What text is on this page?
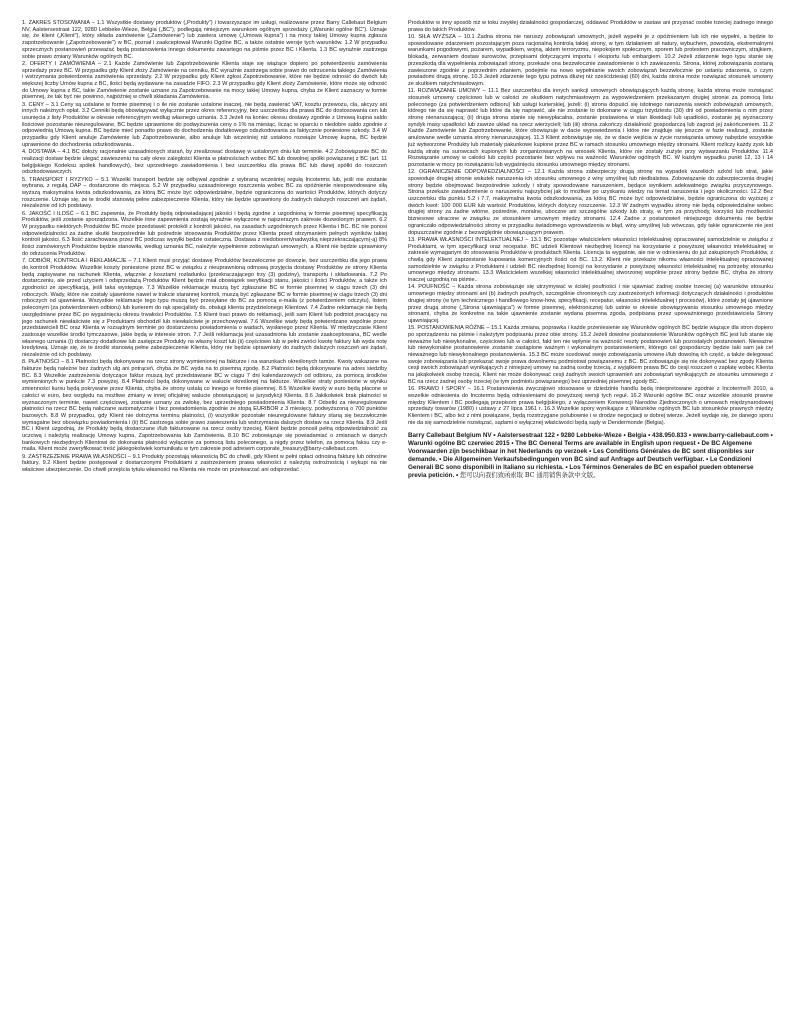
1. ZAKRES STOSOWANIA – 1.1 Wszystkie dostawy produktów („Produkty”) i towarzyszące im usługi, realizowane przez Barry Callebaut Belgium NV, Aalstersestraat 122, 9280 Lebbeke-Wieze, Belgia („BC”), podlegają niniejszym warunkom ogólnym sprzedaży („Warunki ogólne BC”). Uznaje się, że klient („Klient”), który składa zamówienie („Zamówienie”) lub zawiera umowę („Umowa kupna”) i na mocy takiej Umowy kupna zgłasza zapotrzebowanie („Zapotrzebowanie”) w BC, poznał i zaakceptował Warunki Ogólne BC, a także ostatnie wersje tych warunków. 1.2 W przypadku sprzecznych postanowień przeważać będą postanowienia innego dokumentu zawartego na piśmie przez BC i Klienta. 1.3 BC wyraźnie zastrzega sobie prawo zmiany Warunków ogólnych BC.

2. OFERTY I ZAMÓWIENIA – 2.1 Każde Zamówienie lub Zapotrzebowanie Klienta staje się wiążące dopiero po potwierdzeniu zamówienia sprzedaży przez BC. W przypadku gdy Klient złoży Zamówienie na cenniku, BC wyraźnie zastrzega sobie prawo do odrzucenia takiego Zamówienia i wstrzymania potwierdzenia zamówienia sprzedaży. 2.2 W przypadku gdy Klient zgłosi Zapotrzebowanie, które nie będzie odnosić do dwóch lub większej liczby Umów kupna z BC, ilości będą wydawane na zasadzie FIFO. 2.3 W przypadku gdy Klient złoży Zamówienie, które może się odnosić do Umowy kupna z BC, takie Zamówienie zostanie uznane za Zapotrzebowanie na mocy takiej Umowy kupna, chyba że Klient zaznaczy w formie pisemnej, że tak być nie powinno, najpóźniej w chwili składania Zamówienia.

3. CENY – 3.1 Ceny są ustalane w formie pisemnej i o ile nie zostanie ustalone inaczej, nie będą zawierać VAT, kosztu przewozu, cła, akcyzy ani innych należnych opłat. 3.2 Cenniki będą obowiązywać wyłącznie przez okres referencyjny, bez uszczerbku dla prawa BC do dostosowania cen lub usunięcia z listy Produktów w okresie referencyjnym według własnego uznania. 3.3 Jeżeli na koniec okresu dostawy zgodnie z Umową kupna saldo ilościowe pozostanie nieuregulowane, BC będzie uprawnione do podwyższenia ceny o 1% na miesiąc, licząc w oparciu o niedobre saldo zgodnie z odpowiednią Umową kupna. BC będzie mieć ponadto prawo do dochodzenia dodatkowego odszkodowania za faktycznie poniesione szkody. 3.4 W przypadku gdy Klient anuluje Zamówienie lub Zapotrzebowanie, albo anuluje lub wcześniej niż ustalono rozwiąże Umowę kupna, BC będzie uprawnione do dochodzenia odszkodowania..

4. DOSTAWA – 4.1 BC dołoży racjonalnie uzasadnionych starań, by zrealizować dostawę w ustalonym dniu lub terminie. 4.2 Zobowiązanie BC do realizacji dostaw będzie ulegać zawieszeniu na cały okres zaległości Klienta w płatnościach wobec BC lub dowolnej spółki powiązanej z BC (art. 11 belgijskiego Kodeksu spółek handlowych), bez uprzedniego zawiadomienia i bez uszczerbku dla prawa BC lub danej spółki do roszczeń odszkodowawczych.

5. TRANSPORT I RYZYKO – 5.1 Wszelki transport będzie się odbywał zgodnie z wybraną wcześniej regułą Incoterms lub, jeśli nie zostanie wybrana, z regułą DAP – dostarczone do miejsca. 5.2 W przypadku uzasadnionego roszczenia wobec BC za opóźnienie niespowodowane siłą wyższą maksymalna kwota odszkodowania, za którą BC może być odpowiedzialne, będzie ograniczona do wartości Produktów, których dotyczy roszczenie. Uznaje się, że te środki stanowią pełne zabezpieczenie Klienta, który nie będzie uprawniony do żadnych dalszych roszczeń ani żądań, niezależnie od ich podstawy.

6. JAKOŚĆ I ILOŚĆ – 6.1 BC zapewnia, że Produkty będą odpowiadającej jakości i będą zgodne z uzgodnioną w formie pisemnej specyfikacją Produktów, jeśli zostanie sporządzona. Wszelkie inne zapewnienia zostają wyraźnie wyłączone w najszerszym zakresie dozwolonym prawem. 6.2 W przypadku niektórych Produktów BC może przedstawić protokół z kontroli jakości, na zasadach uzgodnionych przez Klienta i BC. BC nie ponosi odpowiedzialności za żadne skutki bezpośrednie lub pośrednie stosowania Produktów przez Klienta przed otrzymaniem pełnych wyników takiej kontroli jakości. 6.3 Ilość zarachowana przez BC podczas wysyłki będzie ostateczna. Dostawa z niedoborem/nadwyżką nieprzekraczającym(-ą) 8% ilości zamówionych Produktów będzie stanowiła, według uznania BC, należyte wypełnienie zobowiązań umownych, a Klient nie będzie uprawniony do odrzucenia Produktów.

7. ODBIÓR, KONTROLA I REKLAMACJE – 7.1 Klient musi przyjąć dostawę Produktów bezzwłocznie po dowozie, bez uszczerbku dla jego prawa do kontroli Produktów. Wszelkie koszty poniesione przez BC w związku z nieuprawnioną odmową przyjęcia dostawy Produktów ze strony Klienta będą zapisywane na rachunek Klienta, włącznie z kosztami rozładunku (przekraczającego trzy (3) godziny), transportu i składowania. 7.2 Po dostarczeniu, ale przed użyciem i odsprzedażą Produktów Klient będzie miał obowiązek weryfikacji stanu, jakości i ilości Produktów, a także ich zgodności ze specyfikacją, jeśli taka występuje. 7.3 Wszelkie reklamacje muszą być zgłaszane BC w formie pisemnej w ciągu trzech (3) dni roboczych. Wady, które nie zostały ujawnione nawet w trakcie starannej kontroli, muszą być zgłaszane BC w formie pisemnej w ciągu trzech (3) dni roboczych od ujawnienia. Wszystkie reklamacje tego typu muszą być przesyłane do BC za pomocą e-maila (z potwierdzeniem odczytu), listem poleconym (za potwierdzeniem odbioru) lub kurierem do rąk specjalisty ds. obsługi klienta przydzielonego Klientowi. 7.4 Żadne reklamacje nie będą uwzględniane przez BC po wygaśnięciu okresu trwałości Produktów. 7.5 Klient traci prawo do reklamacji, jeśli sam Klient lub podmiot pracujący na jego rachunek niewłaściwie się z Produktami obchodził lub niewłaściwie je przechowywał. 7.6 Wszelkie wady będą potwierdzane wspólnie przez przedstawicieli BC oraz Klienta w rozsądnym terminie po dostarczeniu powiadomienia o wadach, wysłanego przez Klienta. W międzyczasie Klient zastosuje wszelkie środki tymczasowe, jakie będą w interesie stron. 7.7 Jeśli reklamacja jest uzasadniona lub zostanie zaakceptowana, BC wedle własnego uznania (i) dostarczy dodatkowe lub zastępcze Produkty na własny koszt lub (ii) częściowo lub w pełni zwróci kwotę faktury lub wyda notę kredytową. Uznaje się, że te środki stanowią pełne zabezpieczenie Klienta, który nie będzie uprawniony do żadnych dalszych roszczeń ani żądań, niezależnie od ich podstawy.

8. PŁATNOŚCI – 8.1 Płatności będą dokonywane na rzecz strony wymienionej na fakturze i na warunkach określonych tamże. Kwoty wskazane na fakturze będą należne bez żadnych ulg ani potrąceń, chyba że BC wyda na to pisemną zgodę. 8.2 Płatności będą dokonywane na adres siedziby BC. 8.3 Wszelkie zastrzeżenia dotyczące faktur muszą być przedstawiane BC w ciągu 7 dni kalendarzowych od odbioru, za pomocą środków wymienionych w punkcie 7.3 powyżej. 8.4 Płatności będą dokonywane w walucie określonej na fakturze. Wszelkie straty poniesione w wyniku zmienności kursu będą pokrywane przez Klienta, chyba że strony ustalą co innego w formie pisemnej. 8.5 Wszelkie kwoty w euro będą płacone w całości w euro, bez względu na możliwe zmiany w innej oficjalnej walucie obowiązującej w jurysdykcji Klienta. 8.6 Jakikolwiek brak płatności w wyznaczonym terminie, nawet częściowej, zostanie uznany za zwłokę, bez uprzedniego powiadomienia Klienta. 8.7 Odsetki za nieuregulowane płatności na rzecz BC będą naliczane automatycznie i bez powiadomienia zgodnie ze stopą EURIBOR z 3 miesięcy, podwyższoną o 700 punktów bazowych. 8.8 W przypadku, gdy Klient nie dotrzyma terminu płatności, (i) wszystkie pozostałe nieuregulowane faktury staną się bezzwłocznie wymagalne bez obowiązku powiadomienia i (ii) BC zastrzega sobie prawo zawieszenia lub wstrzymania dalszych dostaw na rzecz Klienta. 8.9 Jeśli BC i Klient uzgodnią, że Produkty będą dostarczane i/lub fakturowane na rzecz osoby trzeciej, Klient będzie ponosił pełną odpowiedzialność za uczciwą i należytą realizację Umowy kupna, Zapotrzebowania lub Zamówienia. 8.10 BC zobowiązuje się powiadamiać o zmianach w danych bankowych niezbędnych Klientowi do dokonania płatności wyłącznie za pomocą listu poleconego, a nigdy przez telefon, za pomocą faksu czy e-maila. Klient może zweryfikować treść jakiegokolwiek komunikatu w tym zakresie pod adresem corporate_treasury@barry-callebaut.com.

9. ZASTRZEŻENIE PRAWA WŁASNOŚCI – 9.1 Produkty pozostają własnością BC do chwili, gdy Klient w pełni opłaci odnośną fakturę lub odnośne faktury. 9.2 Klient będzie postępował z dostarczonymi Produktami z zastrzeżeniem prawa własności z należytą ostrożnością i wykupi na nie właściwe ubezpieczenie. Do chwili przejścia tytułu własności na Klienta nie może on przetwarzać ani odsprzedać

Produktów w inny sposób niż w toku zwykłej działalności gospodarczej, oddawać Produktów w zastaw ani przyznać osobie trzeciej żadnego innego prawa do takich Produktów.

10. SIŁA WYŻSZA – 10.1 Żadna strona nie naruszy zobowiązań umownych, jeżeli wypełni je z opóźnieniem lub ich nie wypełni, a będzie to spowodowane zdarzeniem pozostającym poza racjonalną kontrolą takiej strony, w tym działaniem sił natury, wybuchem, powodzią, ekstremalnymi warunkami pogodowymi, pożarem, wypadkiem, wojną, aktem terroryzmu, niepokojem społecznym, sporem lub protestem pracowniczym, strajkiem, blokadą, zerwaniem dostaw surowców, przepisami dotyczącymi importu i eksportu lub embargiem. 10.2 Jeżeli zdarzenie tego typu stanie się przeszkodą dla wypełnienia zobowiązań strony, przekaże ona bezzwłocznie zawiadomienie o ich zawieszeniu. Strona, której zobowiązania zostaną zawieszone zgodnie z poprzednim zdaniem, podejmie na nowo wypełnianie swoich zobowiązań bezzwłocznie po ustaniu zdarzenia, o czym powiadomi drugą stronę. 10.3 Jeżeli zdarzenie tego typu potrwa dłużej niż sześćdziesiąt (60) dni, każda strona może rozwiązać stosunek umowny ze skutkiem natychmiastowym.

11. ROZWIĄZANIE UMOWY – 11.1 Bez uszczerbku dla innych sankcji umownych obowiązujących każdą stronę, każda strona może rozwiązać stosunek umowny częściowo lub w całości ze skutkiem natychmiastowym za wypowiedzeniem przekazanym drugiej stronie za pomocą listu poleconego (za potwierdzeniem odbioru) lub usługi kurierskiej, jeżeli: (i) strona dopuści się istotnego naruszenia swoich zobowiązań umownych, którego nie da się naprawić lub które da się naprawić, ale nie zostanie to dokonane w ciągu trzydziestu (30) dni od powiadomienia o nim przez stronę nienaruszającą; (ii) druga strona stanie się niewypłacalna, zostanie postawiona w stan likwidacji lub upadłości, zostanie jej wyznaczony syndyk masy upadłości lub zawrze układ na rzecz wierzycieli; lub (iii) strona zakończy działalność gospodarczą lub zagrozi jej zakończeniem. 11.2 Każde Zamówienie lub Zapotrzebowanie, które obowiązuje w dacie wypowiedzenia i które nie znajduje się jeszcze w fazie realizacji, zostanie anulowane wedle uznania strony nienaruszającej. 11.3 Klient zobowiązuje się, że w dacie wejścia w życie rozwiązania umowy nabędzie wszystkie już wytworzone Produkty lub materiały pakunkowe kupione przez BC w ramach stosunku umownego między stronami. Klient rozliczy każdy zysk lub każdą stratę na surowcach kupionych lub zorganizowanych na wniosek Klienta, które nie zostały zużyte przy wytwarzaniu Produktów. 11.4 Rozwiązanie umowy w całości lub części pozostanie bez wpływu na ważność Warunków ogólnych BC. W każdym wypadku punkt 12, 13 i 14 pozostanie w mocy po rozwiązaniu lub wygaśnięciu stosunku umownego między stronami.

12. OGRANICZENIE ODPOWIEDZIALNOŚCI – 12.1 Każda strona zabezpieczy drugą stronę na wypadek wszelkich szkód lub strat, jakie spowoduje drugiej stronie wskutek naruszenia ich stosunku umownego z winy umyślnej lub niedbalstwa. Zobowiązanie do zabezpieczenia drugiej strony będzie obejmować bezpośrednie szkody i straty spowodowane naruszeniem, będące wynikiem adekwatnego związku przyczynowego. Strona przekaże zawiadomienie o naruszeniu najszybciej jak to możliwe po uzyskaniu wiedzy na temat naruszenia i jego okoliczności. 12.2 Bez uszczerbku dla punktu 5.2 i 7.7, maksymalna kwota odszkodowania, za którą BC może być odpowiedzialne, będzie ograniczona do wyższej z dwóch kwot: 100 000 EUR lub wartość Produktów, których dotyczy roszczenie. 12.3 W żadnym wypadku strony nie będą odpowiedzialne wobec drugiej strony za żadne wtórne, pośrednie, moralne, uboczne ani szczególne szkody lub straty, w tym za przychody, korzyści lub możliwości biznesowe utracone w związku ze stosunkiem umownym między stronami. 12.4 Żadne z postanowień niniejszego dokumentu nie będzie ograniczało odpowiedzialności strony w przypadku świadomego wprowadzenia w błąd, winy umyślnej lub wówczas, gdy takie ograniczenie nie jest dopuszczalne zgodnie z bezwzględnie obowiązującym prawem.

13. PRAWA WŁASNOŚCI INTELEKTUALNEJ – 13.1 BC pozostaje właścicielem własności intelektualnej opracowanej samodzielnie w związku z Produktami, w tym specyfikacji oraz recepatur. BC udzieli Klientowi niezbędnej licencji na korzystanie z powyższej własności intelektualnej w zakresie wymaganym do stosowania Produktów w produktach Klienta. Licencja ta wygaśnie, ale nie w odniesieniu do już zakupionych Produktów, z chwilą gdy Klient zaprzestanie kupowania komercyjnych ilości od BC. 13.2. Klient nie przekaże nikomu własności intelektualnej opracowanej samodzielnie w związku z Produktami i udzieli BC niezbędnej licencji na korzystanie z powyższej własności intelektualnej na potrzeby stosunku umownego między stronami. 13.3 Właścicielem wszelkiej własności intelektualnej stworzonej wspólnie przez strony będzie BC, chyba że strony inaczej uzgodnią na piśmie..

14. POUFNOŚĆ – Każda strona zobowiązuje się utrzymywać w ścisłej poufności i nie ujawniać żadnej osobie trzeciej (a) warunków stosunku umownego między stronami ani (b) żadnych poufnych, szczególnie chronionych czy zastrzeżonych informacji dotyczących działalności i produktów drugiej strony (w tym technicznego i handlowego know-how, specyfikacji, recepatur, własności intelektualnej i procesów), które zostały jej ujawnione przez drugą stronę („Strona ujawniająca”) w formie pisemnej, elektronicznej lub ustnie w okresie obowiązywania stosunku umownego między stronami, chyba że konkretne na takie ujawnienie zostanie wydana pisemna zgoda, podpisana przez upoważnionego przedstawiciela Strony ujawniającej.

15. POSTANOWIENIA RÓŻNE – 15.1 Każda zmiana, poprawka i każde przeniesienie się Warunków ogólnych BC będzie wiązące dla stron dopiero po sporządzeniu na piśmie i należytym podpisaniu przez obie strony. 15.2 Jeżeli dowolne postanowienie Warunków ogólnych BC jest lub stanie się nieważne lub niewykonalne, częściowo lub w całości, fakt ten nie wpłynie na ważność reszty postanowień lub pozostałych postanowień. Nieważne lub niewykonalne postanowienie zostanie zastąpione ważnym i wykonalnym postanowieniem, którego cel gospodarczy będzie taki sam jak cel nieważnego lub niewykonalnego postanowienia. 15.3 BC może scedować swoje zobowiązania umowne i/lub dowolną ich część, a także delegować swoje zobowiązania lub przekazać swoje prawa dowolnemu podmiotowi powiązanemu z BC. BC zobowiązuje się nie dokonywać bez zgody Klienta cesji swoich zobowiązań wynikających z niniejszej umowy na żadną osobę trzecią, z wyjątkiem prawa BC do cesji roszczeń o zapłatę wobec Klienta na jakąkolwiek osobę trzecią. Klient nie może dokonywać cesji żadnych swoich uprawnień ani zobowiązań wynikających ze stosunku umownego z BC na rzecz żadnej osoby trzeciej (w tym podmiotu powiązanego) bez uprzedniej pisemnej zgody BC.

16. PRAWO I SPORY – 16.1 Postanowienia zwyczajowo stosowane w dziedzinie handlu będą interpretowane zgodnie z Incoterms® 2010, a wszelkie odniesienia do Incoterms będą odniesieniami do powyższej wersji tych reguł. 16.2 Warunki ogólne BC oraz wszelkie stosunki prawne między Klientem i BC podlegają przepisom prawa belgijskiego, z wyłączeniem Konwencji Narodów Zjednoczonych o umowach międzynarodowej sprzedaży towarów (1980) i ustawy z 27 lipca 1961 r. 16.3 Wszelkie spory wynikające z Warunków ogólnych BC lub stosunków prawnych między Klientem i BC, albo też z nimi powiązane, będą rozstrzygane polubownie i w drodze negocjacji w dobrej wierze. Jeżeli wydaje się, że danego sporu nie da się samodzielnie rozwiązać, sądami o wyłącznej właściwości będą sądy w Dendermonde (Belgia).

Barry Callebaut Belgium NV • Aalstersestraat 122 • 9280 Lebbeke-Wieze • Belgia • 438.950.833 • www.barry-callebaut.com • Warunki ogólne BC czerwiec 2015 • The BC General Terms are available in English upon request • De BC Algemene Voorwaarden zijn beschikbaar in het Nederlands op verzoek • Les Conditions Générales de BC sont disponibles sur demande. • Die Allgemeinen Verkaufsbedingungen von BC sind auf Anfrage auf Deutsch verfügbar. • Le Condizioni Generali BC sono disponibili in Italiano su richiesta. • Los Términos Generales de BC en español pueden obtenerse previa petición. • 您可以向我们致函索取 BC 通用销售条款中文版。
